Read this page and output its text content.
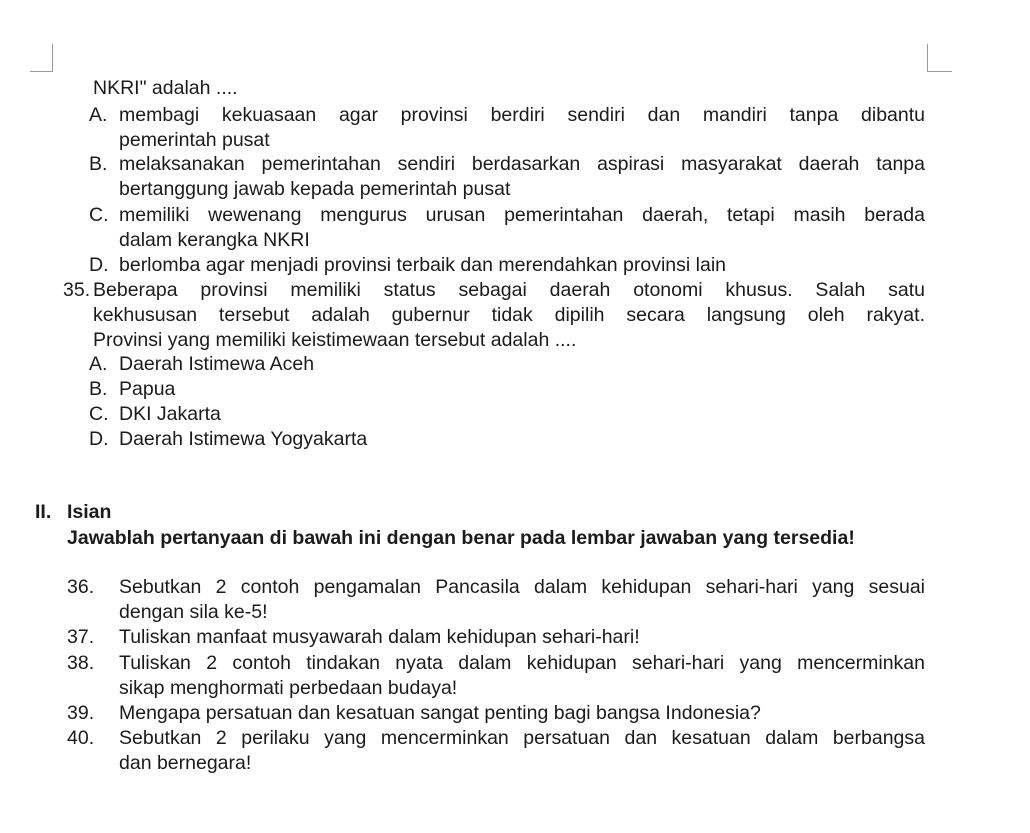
NKRI" adalah ....
A. membagi kekuasaan agar provinsi berdiri sendiri dan mandiri tanpa dibantu
pemerintah pusat
B. melaksanakan pemerintahan sendiri berdasarkan aspirasi masyarakat daerah tanpa
bertanggung jawab kepada pemerintah pusat
C. memiliki wewenang mengurus urusan pemerintahan daerah, tetapi masih berada
dalam kerangka NKRI
D. berlomba agar menjadi provinsi terbaik dan merendahkan provinsi lain
35. Beberapa provinsi memiliki status sebagai daerah otonomi khusus. Salah satu
kekhususan tersebut adalah gubernur tidak dipilih secara langsung oleh rakyat.
Provinsi yang memiliki keistimewaan tersebut adalah ....
A. Daerah Istimewa Aceh
B. Papua
C. DKI Jakarta
D. Daerah Istimewa Yogyakarta
II. Isian
Jawablah pertanyaan di bawah ini dengan benar pada lembar jawaban yang tersedia!
36. Sebutkan 2 contoh pengamalan Pancasila dalam kehidupan sehari-hari yang sesuai
dengan sila ke-5!
37. Tuliskan manfaat musyawarah dalam kehidupan sehari-hari!
38. Tuliskan 2 contoh tindakan nyata dalam kehidupan sehari-hari yang mencerminkan
sikap menghormati perbedaan budaya!
39. Mengapa persatuan dan kesatuan sangat penting bagi bangsa Indonesia?
40. Sebutkan 2 perilaku yang mencerminkan persatuan dan kesatuan dalam berbangsa
dan bernegara!
